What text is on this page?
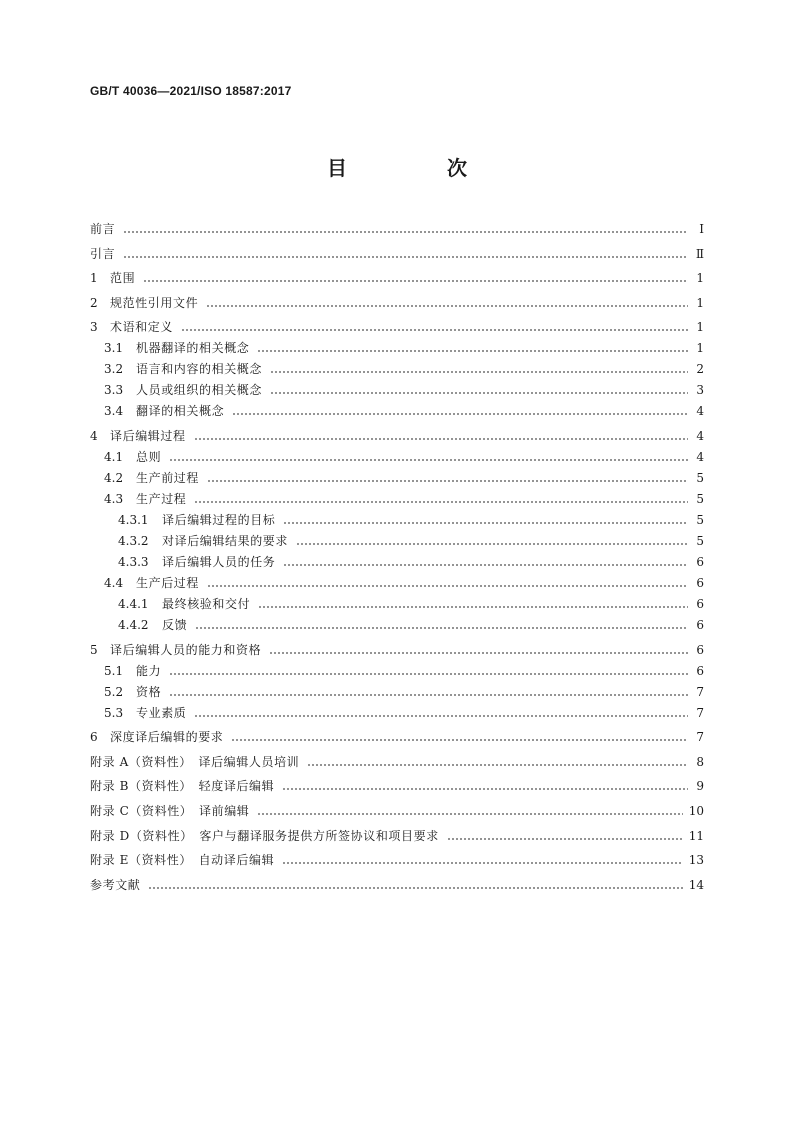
GB/T 40036—2021/ISO 18587:2017
目　次
前言	Ⅰ
引言	Ⅱ
1	范围	1
2	规范性引用文件	1
3	术语和定义	1
3.1	机器翻译的相关概念	1
3.2	语言和内容的相关概念	2
3.3	人员或组织的相关概念	3
3.4	翻译的相关概念	4
4	译后编辑过程	4
4.1	总则	4
4.2	生产前过程	5
4.3	生产过程	5
4.3.1	译后编辑过程的目标	5
4.3.2	对译后编辑结果的要求	5
4.3.3	译后编辑人员的任务	6
4.4	生产后过程	6
4.4.1	最终核验和交付	6
4.4.2	反馈	6
5	译后编辑人员的能力和资格	6
5.1	能力	6
5.2	资格	7
5.3	专业素质	7
6	深度译后编辑的要求	7
附录 A（资料性）　译后编辑人员培训	8
附录 B（资料性）　轻度译后编辑	9
附录 C（资料性）　译前编辑	10
附录 D（资料性）　客户与翻译服务提供方所签协议和项目要求	11
附录 E（资料性）　自动译后编辑	13
参考文献	14
